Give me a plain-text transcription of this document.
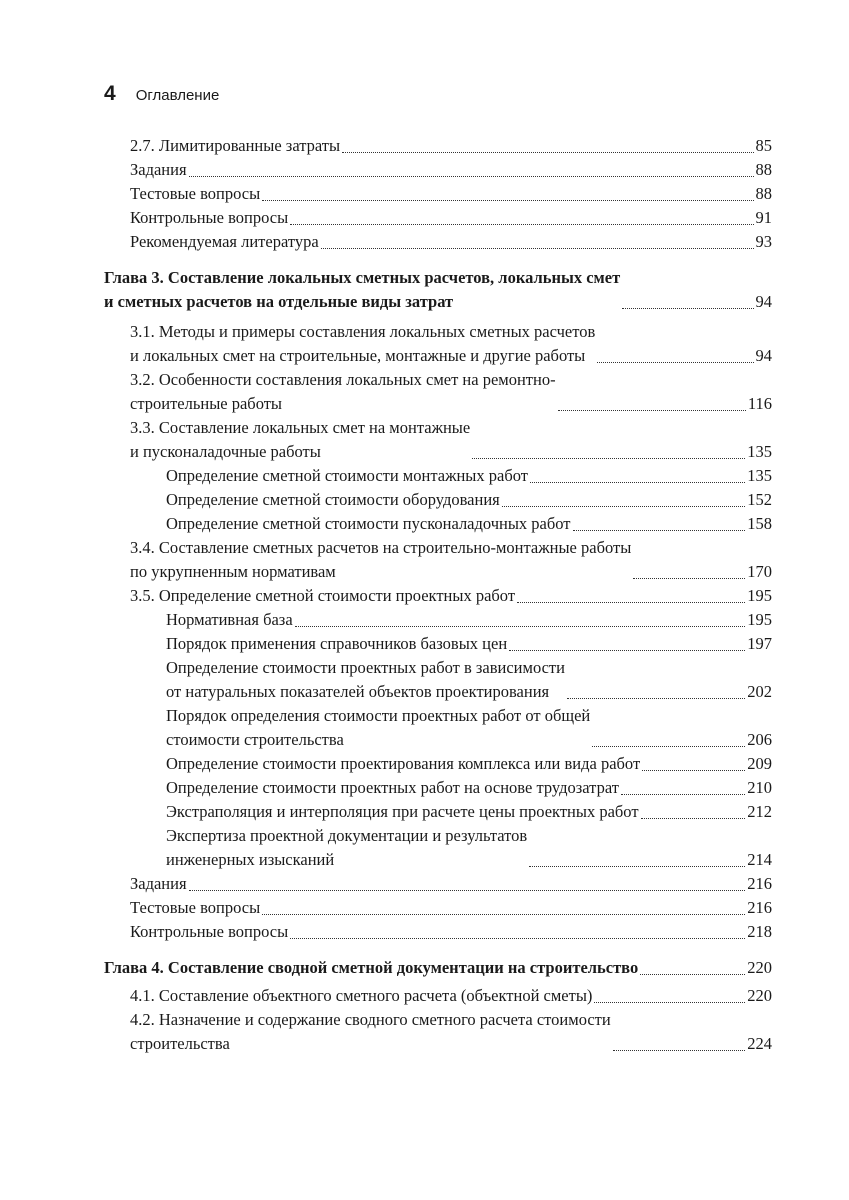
4 Оглавление
2.7. Лимитированные затраты	85
Задания	88
Тестовые вопросы	88
Контрольные вопросы	91
Рекомендуемая литература	93
Глава 3. Составление локальных сметных расчетов, локальных смет
и сметных расчетов на отдельные виды затрат	94
3.1. Методы и примеры составления локальных сметных расчетов
и локальных смет на строительные, монтажные и другие работы	94
3.2. Особенности составления локальных смет на ремонтно-
строительные работы	116
3.3. Составление локальных смет на монтажные
и пусконаладочные работы	135
Определение сметной стоимости монтажных работ	135
Определение сметной стоимости оборудования	152
Определение сметной стоимости пусконаладочных работ	158
3.4. Составление сметных расчетов на строительно-монтажные работы
по укрупненным нормативам	170
3.5. Определение сметной стоимости проектных работ	195
Нормативная база	195
Порядок применения справочников базовых цен	197
Определение стоимости проектных работ в зависимости
от натуральных показателей объектов проектирования	202
Порядок определения стоимости проектных работ от общей
стоимости строительства	206
Определение стоимости проектирования комплекса или вида работ	209
Определение стоимости проектных работ на основе трудозатрат	210
Экстраполяция и интерполяция при расчете цены проектных работ	212
Экспертиза проектной документации и результатов
инженерных изысканий	214
Задания	216
Тестовые вопросы	216
Контрольные вопросы	218
Глава 4. Составление сводной сметной документации на строительство	220
4.1. Составление объектного сметного расчета (объектной сметы)	220
4.2. Назначение и содержание сводного сметного расчета стоимости
строительства	224
